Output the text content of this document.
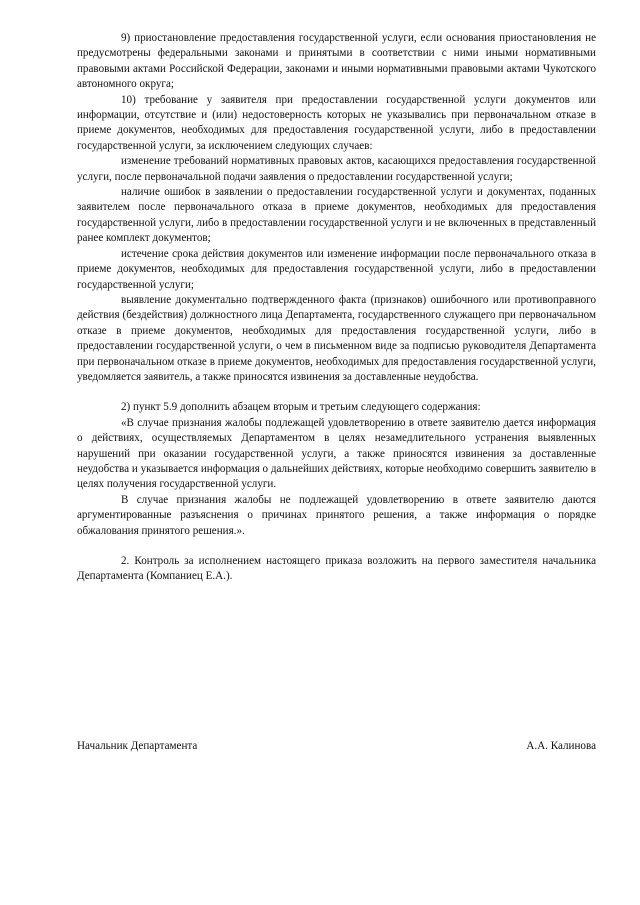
9) приостановление предоставления государственной услуги, если основания приостановления не предусмотрены федеральными законами и принятыми в соответствии с ними иными нормативными правовыми актами Российской Федерации, законами и иными нормативными правовыми актами Чукотского автономного округа;

10) требование у заявителя при предоставлении государственной услуги документов или информации, отсутствие и (или) недостоверность которых не указывались при первоначальном отказе в приеме документов, необходимых для предоставления государственной услуги, либо в предоставлении государственной услуги, за исключением следующих случаев:

изменение требований нормативных правовых актов, касающихся предоставления государственной услуги, после первоначальной подачи заявления о предоставлении государственной услуги;

наличие ошибок в заявлении о предоставлении государственной услуги и документах, поданных заявителем после первоначального отказа в приеме документов, необходимых для предоставления государственной услуги, либо в предоставлении государственной услуги и не включенных в представленный ранее комплект документов;

истечение срока действия документов или изменение информации после первоначального отказа в приеме документов, необходимых для предоставления государственной услуги, либо в предоставлении государственной услуги;

выявление документально подтвержденного факта (признаков) ошибочного или противоправного действия (бездействия) должностного лица Департамента, государственного служащего при первоначальном отказе в приеме документов, необходимых для предоставления государственной услуги, либо в предоставлении государственной услуги, о чем в письменном виде за подписью руководителя Департамента при первоначальном отказе в приеме документов, необходимых для предоставления государственной услуги, уведомляется заявитель, а также приносятся извинения за доставленные неудобства.

2) пункт 5.9 дополнить абзацем вторым и третьим следующего содержания:

«В случае признания жалобы подлежащей удовлетворению в ответе заявителю дается информация о действиях, осуществляемых Департаментом в целях незамедлительного устранения выявленных нарушений при оказании государственной услуги, а также приносятся извинения за доставленные неудобства и указывается информация о дальнейших действиях, которые необходимо совершить заявителю в целях получения государственной услуги.

В случае признания жалобы не подлежащей удовлетворению в ответе заявителю даются аргументированные разъяснения о причинах принятого решения, а также информация о порядке обжалования принятого решения.».

2. Контроль за исполнением настоящего приказа возложить на первого заместителя начальника Департамента (Компаниец Е.А.).

Начальник Департамента	А.А. Калинова
